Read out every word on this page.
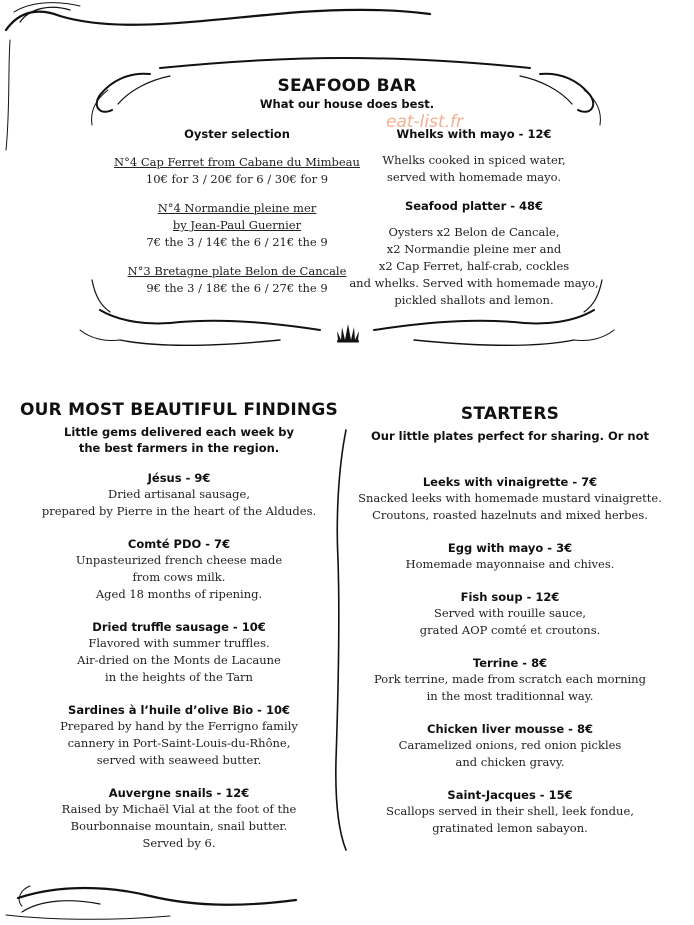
eat-list.fr
SEAFOOD BAR
What our house does best.
Oyster selection
N°4 Cap Ferret from Cabane du Mimbeau
10€ for 3 / 20€ for 6 / 30€ for 9
N°4 Normandie pleine mer
by Jean-Paul Guernier
7€ the 3 / 14€ the 6 / 21€ the 9
N°3 Bretagne plate Belon de Cancale
9€ the 3 / 18€ the 6 / 27€ the 9
Whelks with mayo - 12€
Whelks cooked in spiced water,
served with homemade mayo.
Seafood platter - 48€
Oysters x2 Belon de Cancale,
x2 Normandie pleine mer and
x2 Cap Ferret, half-crab, cockles
and whelks. Served with homemade mayo,
pickled shallots and lemon.
OUR MOST BEAUTIFUL FINDINGS
Little gems delivered each week by
the best farmers in the region.
Jésus - 9€
Dried artisanal sausage,
prepared by Pierre in the heart of the Aldudes.
Comté PDO - 7€
Unpasteurized french cheese made
from cows milk.
Aged 18 months of ripening.
Dried truffle sausage - 10€
Flavored with summer truffles.
Air-dried on the Monts de Lacaune
in the heights of the Tarn
Sardines à l’huile d’olive Bio - 10€
Prepared by hand by the Ferrigno family
cannery in Port-Saint-Louis-du-Rhône,
served with seaweed butter.
Auvergne snails - 12€
Raised by Michaël Vial at the foot of the
Bourbonnaise mountain, snail butter.
Served by 6.
STARTERS
Our little plates perfect for sharing. Or not
Leeks with vinaigrette - 7€
Snacked leeks with homemade mustard vinaigrette.
Croutons, roasted hazelnuts and mixed herbes.
Egg with mayo - 3€
Homemade mayonnaise and chives.
Fish soup - 12€
Served with rouille sauce,
grated AOP comté et croutons.
Terrine - 8€
Pork terrine, made from scratch each morning
in the most traditionnal way.
Chicken liver mousse - 8€
Caramelized onions, red onion pickles
and chicken gravy.
Saint-Jacques - 15€
Scallops served in their shell, leek fondue,
gratinated lemon sabayon.
